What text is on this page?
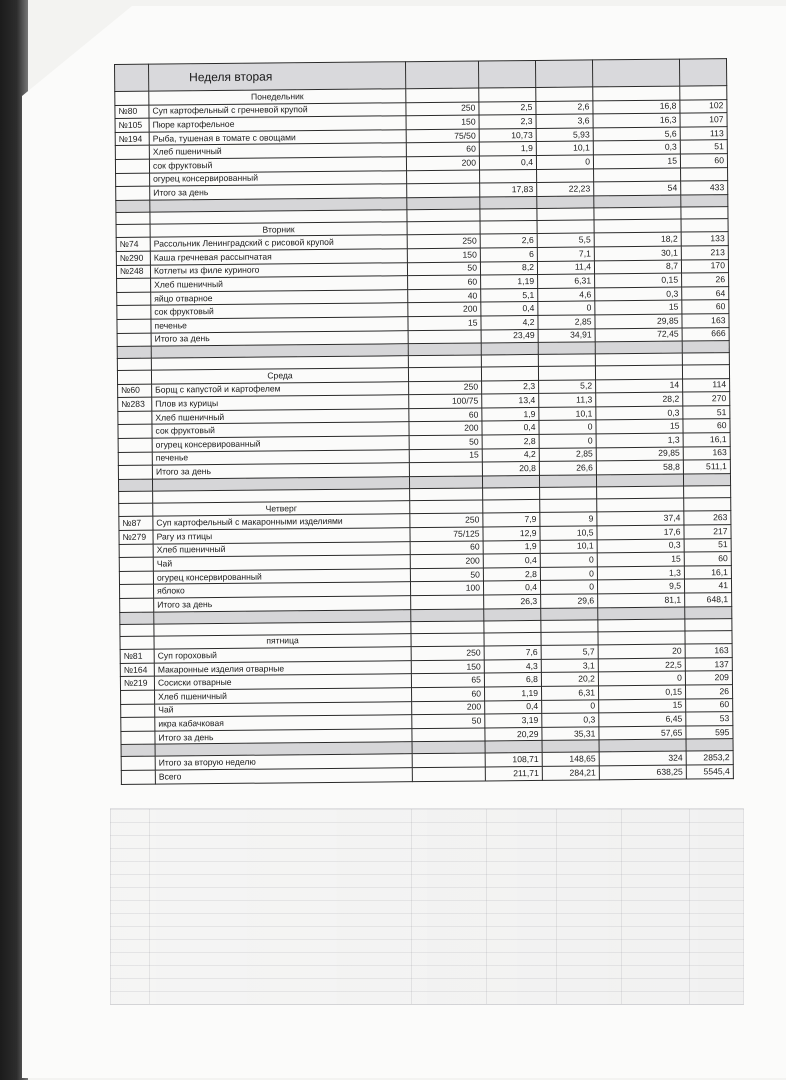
	Неделя вторая					
	Понедельник					
№80	Суп картофельный с гречневой крупой	250	2,5	2,6	16,8	102
№105	Пюре картофельное	150	2,3	3,6	16,3	107
№194	Рыба, тушеная в томате с овощами	75/50	10,73	5,93	5,6	113
	Хлеб пшеничный	60	1,9	10,1	0,3	51
	сок фруктовый	200	0,4	0	15	60
	огурец консервированный					
	Итого за день		17,83	22,23	54	433

	Вторник					
№74	Рассольник Ленинградский с рисовой крупой	250	2,6	5,5	18,2	133
№290	Каша гречневая рассыпчатая	150	6	7,1	30,1	213
№248	Котлеты из филе куриного	50	8,2	11,4	8,7	170
	Хлеб пшеничный	60	1,19	6,31	0,15	26
	яйцо отварное	40	5,1	4,6	0,3	64
	сок фруктовый	200	0,4	0	15	60
	печенье	15	4,2	2,85	29,85	163
	Итого за день		23,49	34,91	72,45	666

	Среда					
№60	Борщ с капустой и картофелем	250	2,3	5,2	14	114
№283	Плов из курицы	100/75	13,4	11,3	28,2	270
	Хлеб пшеничный	60	1,9	10,1	0,3	51
	сок фруктовый	200	0,4	0	15	60
	огурец консервированный	50	2,8	0	1,3	16,1
	печенье	15	4,2	2,85	29,85	163
	Итого за день		20,8	26,6	58,8	511,1

	Четверг					
№87	Суп картофельный с макаронными изделиями	250	7,9	9	37,4	263
№279	Рагу из птицы	75/125	12,9	10,5	17,6	217
	Хлеб пшеничный	60	1,9	10,1	0,3	51
	Чай	200	0,4	0	15	60
	огурец консервированный	50	2,8	0	1,3	16,1
	яблоко	100	0,4	0	9,5	41
	Итого за день		26,3	29,6	81,1	648,1

	пятница					
№81	Суп гороховый	250	7,6	5,7	20	163
№164	Макаронные изделия отварные	150	4,3	3,1	22,5	137
№219	Сосиски отварные	65	6,8	20,2	0	209
	Хлеб пшеничный	60	1,19	6,31	0,15	26
	Чай	200	0,4	0	15	60
	икра кабачковая	50	3,19	0,3	6,45	53
	Итого за день		20,29	35,31	57,65	595

	Итого за вторую неделю		108,71	148,65	324	2853,2
	Всего		211,71	284,21	638,25	5545,4
